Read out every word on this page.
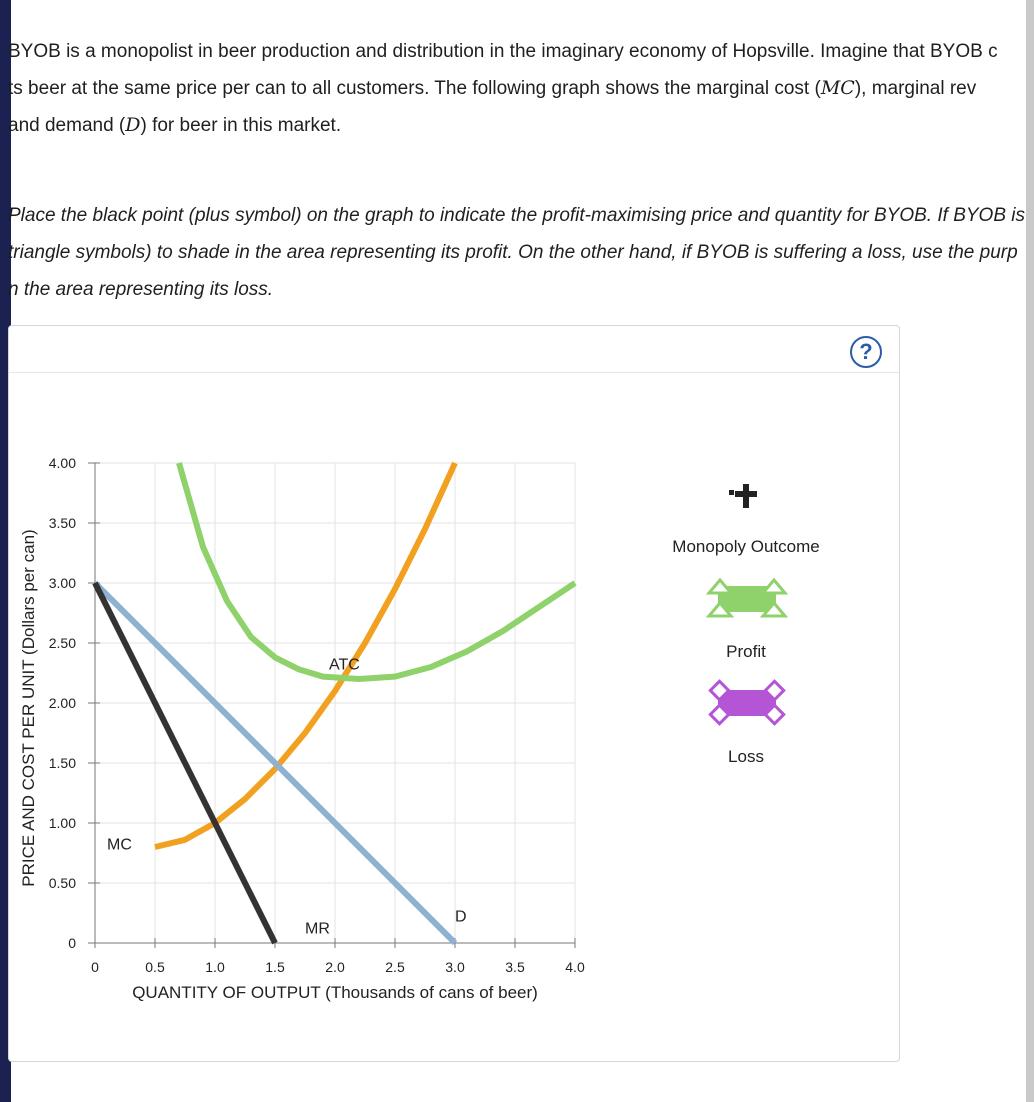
BYOB is a monopolist in beer production and distribution in the imaginary economy of Hopsville. Imagine that BYOB c
ts beer at the same price per can to all customers. The following graph shows the marginal cost (MC), marginal rev
and demand (D) for beer in this market.
Place the black point (plus symbol) on the graph to indicate the profit-maximising price and quantity for BYOB. If BYOB is
triangle symbols) to shade in the area representing its profit. On the other hand, if BYOB is suffering a loss, use the purp
n the area representing its loss.
?
0	0.5	1.0	1.5	2.0	2.5	3.0	3.5	4.0
0
0.50
1.00
1.50
2.00
2.50
3.00
3.50
4.00
QUANTITY OF OUTPUT (Thousands of cans of beer)
PRICE AND COST PER UNIT (Dollars per can)	MC
ATC
D
MR
Monopoly Outcome
Profit
Loss
